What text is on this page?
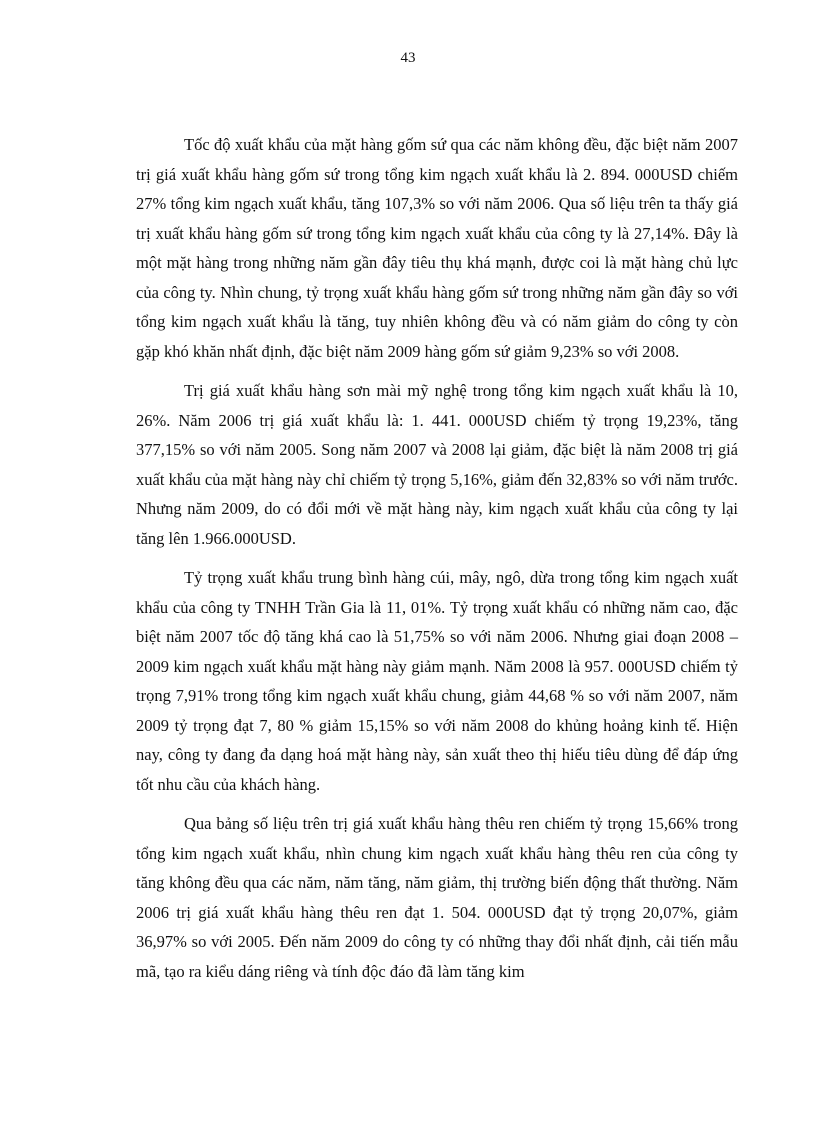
43

Tốc độ xuất khẩu của mặt hàng gốm sứ qua các năm không đều, đặc biệt năm 2007 trị giá xuất khẩu hàng gốm sứ trong tổng kim ngạch xuất khẩu là 2. 894. 000USD chiếm 27% tổng kim ngạch xuất khẩu, tăng 107,3% so với năm 2006. Qua số liệu trên ta thấy giá trị xuất khẩu hàng gốm sứ trong tổng kim ngạch xuất khẩu của công ty là 27,14%. Đây là một mặt hàng trong những năm gần đây tiêu thụ khá mạnh, được coi là mặt hàng chủ lực của công ty. Nhìn chung, tỷ trọng xuất khẩu hàng gốm sứ trong những năm gần đây so với tổng kim ngạch xuất khẩu là tăng, tuy nhiên không đều và có năm giảm do công ty còn gặp khó khăn nhất định, đặc biệt năm 2009 hàng gốm sứ giảm 9,23% so với 2008.

Trị giá xuất khẩu hàng sơn mài mỹ nghệ trong tổng kim ngạch xuất khẩu là 10, 26%. Năm 2006 trị giá xuất khẩu là: 1. 441. 000USD chiếm tỷ trọng 19,23%, tăng 377,15% so với năm 2005. Song năm 2007 và 2008 lại giảm, đặc biệt là năm 2008 trị giá xuất khẩu của mặt hàng này chỉ chiếm tỷ trọng 5,16%, giảm đến 32,83% so với năm trước. Nhưng năm 2009, do có đổi mới về mặt hàng này, kim ngạch xuất khẩu của công ty lại tăng lên 1.966.000USD.

Tỷ trọng xuất khẩu trung bình hàng cúi, mây, ngô, dừa trong tổng kim ngạch xuất khẩu của công ty TNHH Trần Gia là 11, 01%. Tỷ trọng xuất khẩu có những năm cao, đặc biệt năm 2007 tốc độ tăng khá cao là 51,75% so với năm 2006. Nhưng giai đoạn 2008 – 2009 kim ngạch xuất khẩu mặt hàng này giảm mạnh. Năm 2008 là 957. 000USD chiếm tỷ trọng 7,91% trong tổng kim ngạch xuất khẩu chung, giảm 44,68 % so với năm 2007, năm 2009 tỷ trọng đạt 7, 80 % giảm 15,15% so với năm 2008 do khủng hoảng kinh tế. Hiện nay, công ty đang đa dạng hoá mặt hàng này, sản xuất theo thị hiếu tiêu dùng để đáp ứng tốt nhu cầu của khách hàng.

Qua bảng số liệu trên trị giá xuất khẩu hàng thêu ren chiếm tỷ trọng 15,66% trong tổng kim ngạch xuất khẩu, nhìn chung kim ngạch xuất khẩu hàng thêu ren của công ty tăng không đều qua các năm, năm tăng, năm giảm, thị trường biến động thất thường. Năm 2006 trị giá xuất khẩu hàng thêu ren đạt 1. 504. 000USD đạt tỷ trọng 20,07%, giảm 36,97% so với 2005. Đến năm 2009 do công ty có những thay đổi nhất định, cải tiến mẫu mã, tạo ra kiểu dáng riêng và tính độc đáo đã làm tăng kim
